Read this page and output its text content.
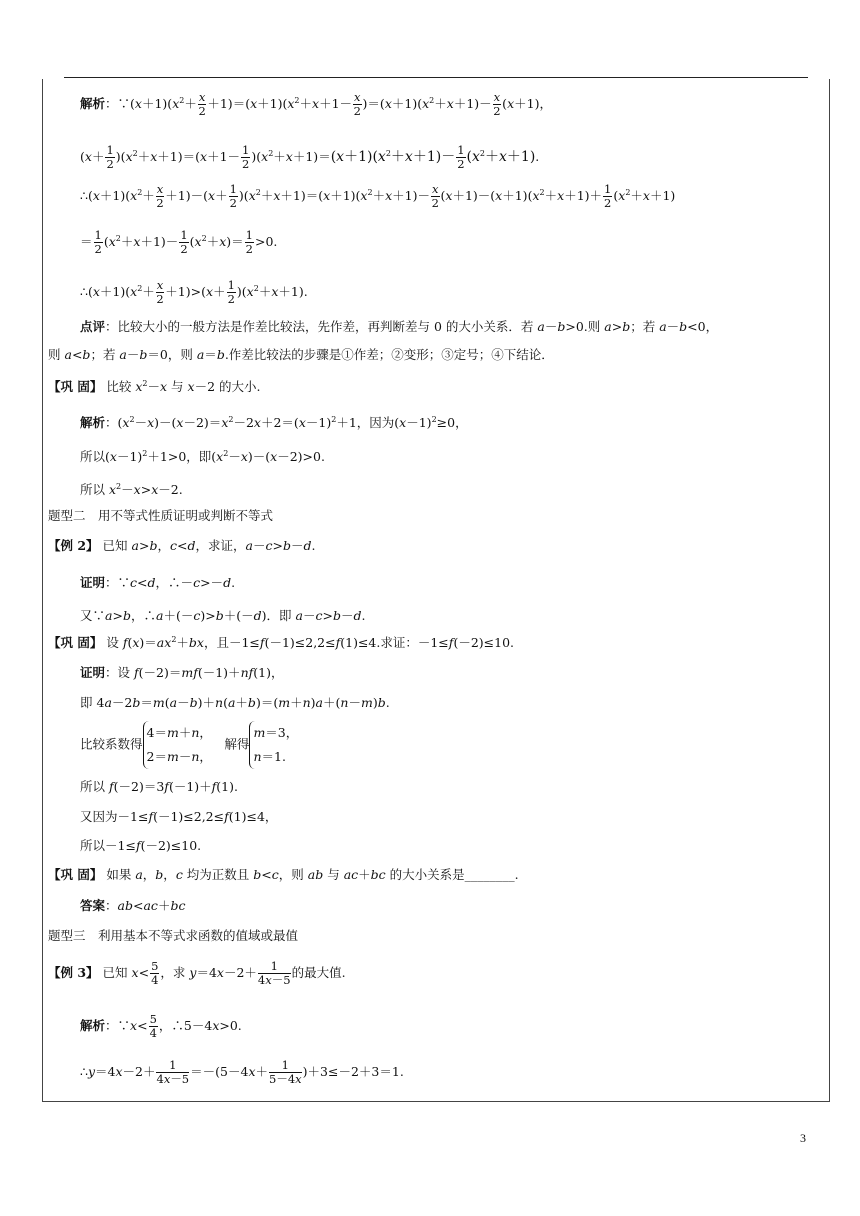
解析：$\because(x+1)(x^2+ \frac{x}{2} +1)=(x+1)(x^2+x+1- \frac{x}{2} )=(x+1)(x^2+x+1)- \frac{x}{2} (x+1)$，
$(x+ \frac{1}{2} )(x^2+x+1)=(x+1- \frac{1}{2} )(x^2+x+1)=(x+1)(x^2+x+1)- \frac{1}{2} (x^2+x+1)$.
$\therefore(x+1)(x^2+ \frac{x}{2} +1)-(x+ \frac{1}{2} )(x^2+x+1)=(x+1)(x^2+x+1)- \frac{x}{2} (x+1)-(x+1)(x^2+x+1)+ \frac{1}{2} (x^2+x+1)$
＝ $\frac{1}{2} (x^2+x+1)- \frac{1}{2} (x^2+x)= \frac{1}{2} >0$.
$\therefore(x+1)(x^2+ \frac{x}{2} +1)>(x+ \frac{1}{2} )(x^2+x+1)$.
点评：比较大小的一般方法是作差比较法，先作差，再判断差与 0 的大小关系．若 a－b>0.则 a>b；若 a－b<0，
则 a<b；若 a－b＝0，则 a＝b.作差比较法的步骤是①作差；②变形；③定号；④下结论．
【巩 固】 比较 $x^2-x$ 与 x－2 的大小.
解析：$(x^2-x)-(x-2)=x^2-2x+2=(x-1)^2+1$，因为$(x-1)^2\ge 0$，
所以$(x-1)^2+1>0$，即$(x^2-x)-(x-2)>0$.
所以 $x^2-x>x-2$.
题型二　用不等式性质证明或判断不等式
【例 2】 已知 a>b，c<d，求证，a－c>b－d.
证明：∵c<d，∴－c>－d.
又∵a>b，∴a＋(－c)>b＋(－d)．即 a－c>b－d.
【巩 固】 设 $f(x)=ax^2+bx$，且－1≤f(－1)≤2,2≤f(1)≤4.求证：－1≤f(－2)≤10.
证明：设 f(－2)＝mf(－1)＋nf(1)，
即 4a－2b＝m(a－b)＋n(a＋b)＝(m＋n)a＋(n－m)b.
比较系数得4＝m＋n，
2＝m－n，　解得m＝3，
n＝1.
所以 f(－2)＝3f(－1)＋f(1).
又因为－1≤f(－1)≤2,2≤f(1)≤4，
所以－1≤f(－2)≤10.
【巩 固】 如果 a，b，c 均为正数且 b<c，则 ab 与 ac＋bc 的大小关系是________.
答案：ab<ac＋bc
题型三　利用基本不等式求函数的值域或最值
【例 3】 已知 $x< \frac{5}{4}$ ，求 $y=4x-2+ \frac{1}{4x-5}$ 的最大值.
解析：∵x< $\frac{5}{4}$ ，∴5－4x>0.
∴y＝4x－2＋ $\frac{1}{4x-5} =-(5-4x+ \frac{1}{5-4x} )+3\le-2+3=1$.
3
